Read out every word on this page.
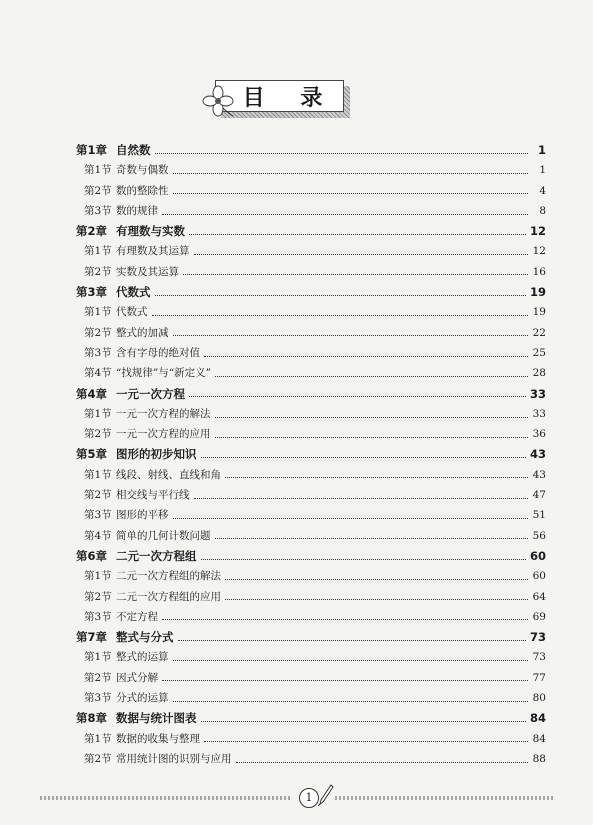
目 录
第1章 自然数	1
第1节 奇数与偶数	1
第2节 数的整除性	4
第3节 数的规律	8
第2章 有理数与实数	12
第1节 有理数及其运算	12
第2节 实数及其运算	16
第3章 代数式	19
第1节 代数式	19
第2节 整式的加减	22
第3节 含有字母的绝对值	25
第4节 “找规律”与“新定义”	28
第4章 一元一次方程	33
第1节 一元一次方程的解法	33
第2节 一元一次方程的应用	36
第5章 图形的初步知识	43
第1节 线段、射线、直线和角	43
第2节 相交线与平行线	47
第3节 图形的平移	51
第4节 简单的几何计数问题	56
第6章 二元一次方程组	60
第1节 二元一次方程组的解法	60
第2节 二元一次方程组的应用	64
第3节 不定方程	69
第7章 整式与分式	73
第1节 整式的运算	73
第2节 因式分解	77
第3节 分式的运算	80
第8章 数据与统计图表	84
第1节 数据的收集与整理	84
第2节 常用统计图的识别与应用	88
1
